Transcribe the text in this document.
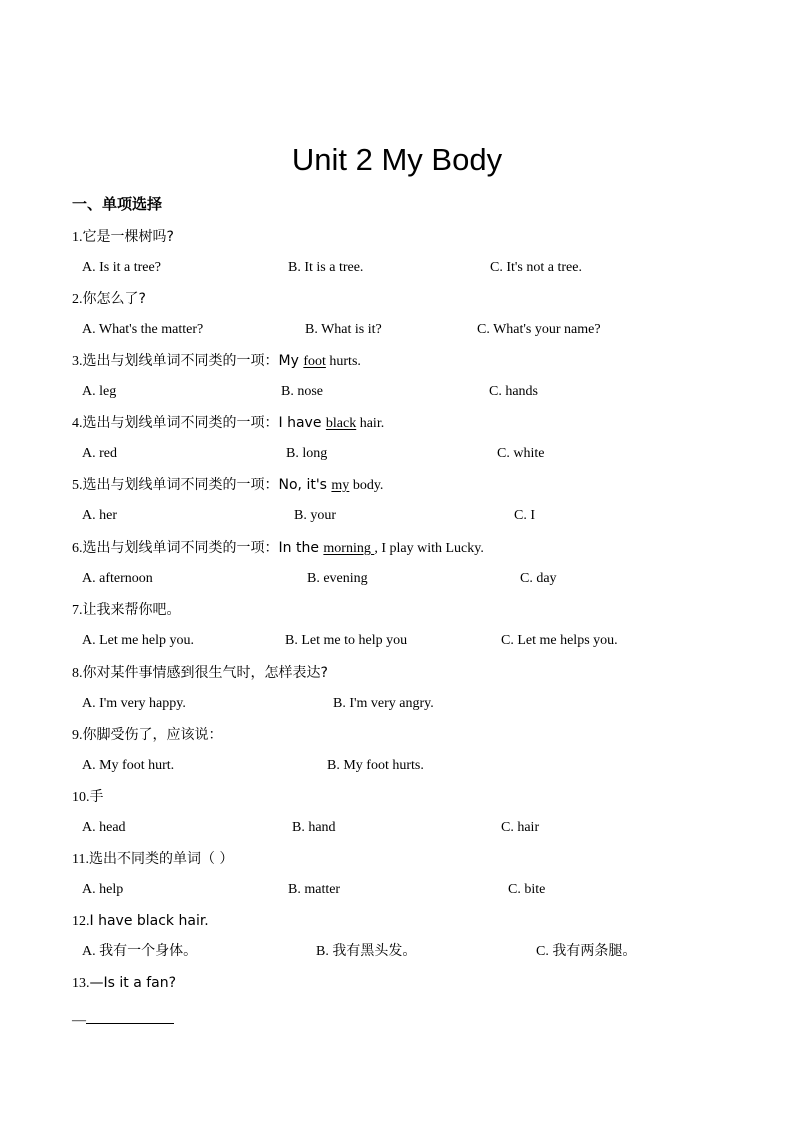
Unit 2 My Body
一、单项选择
1.它是一棵树吗?
A. Is it a tree?	B. It is a tree.	C. It's not a tree.
2.你怎么了?
A. What's the matter?	B. What is it?	C. What's your name?
3.选出与划线单词不同类的一项：My foot hurts.
A. leg	B. nose	C. hands
4.选出与划线单词不同类的一项：I have black hair.
A. red	B. long	C. white
5.选出与划线单词不同类的一项：No, it's my body.
A. her	B. your	C. I
6.选出与划线单词不同类的一项：In the morning , I play with Lucky.
A. afternoon	B. evening	C. day
7.让我来帮你吧。
A. Let me help you.	B. Let me to help you	C. Let me helps you.
8.你对某件事情感到很生气时，怎样表达?
A. I'm very happy.	B. I'm very angry.
9.你脚受伤了，应该说：
A. My foot hurt.	B. My foot hurts.
10.手
A. head	B. hand	C. hair
11.选出不同类的单词（ ）
A. help	B. matter	C. bite
12.I have black hair.
A. 我有一个身体。	B. 我有黑头发。	C. 我有两条腿。
13.—Is it a fan?
—
